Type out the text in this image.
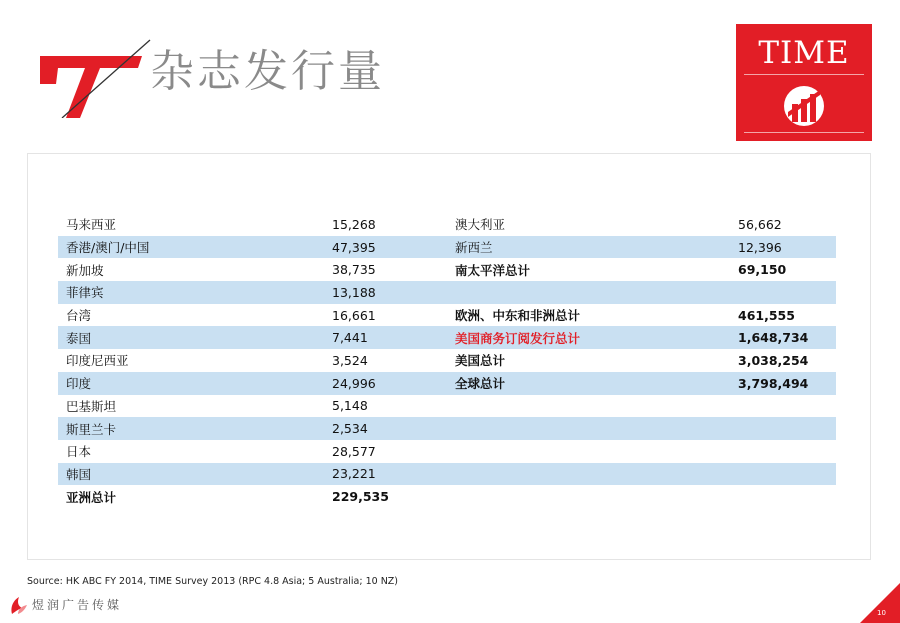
杂志发行量	TIME
马来西亚	15,268	澳大利亚	56,662
香港/澳门/中国	47,395	新西兰	12,396
新加坡	38,735	南太平洋总计	69,150
菲律宾	13,188		
台湾	16,661	欧洲、中东和非洲总计	461,555
泰国	7,441	美国商务订阅发行总计	1,648,734
印度尼西亚	3,524	美国总计	3,038,254
印度	24,996	全球总计	3,798,494
巴基斯坦	5,148		
斯里兰卡	2,534		
日本	28,577		
韩国	23,221		
亚洲总计	229,535		
Source: HK ABC FY 2014, TIME Survey 2013 (RPC 4.8 Asia; 5 Australia; 10 NZ)
煜润广告传媒
10
